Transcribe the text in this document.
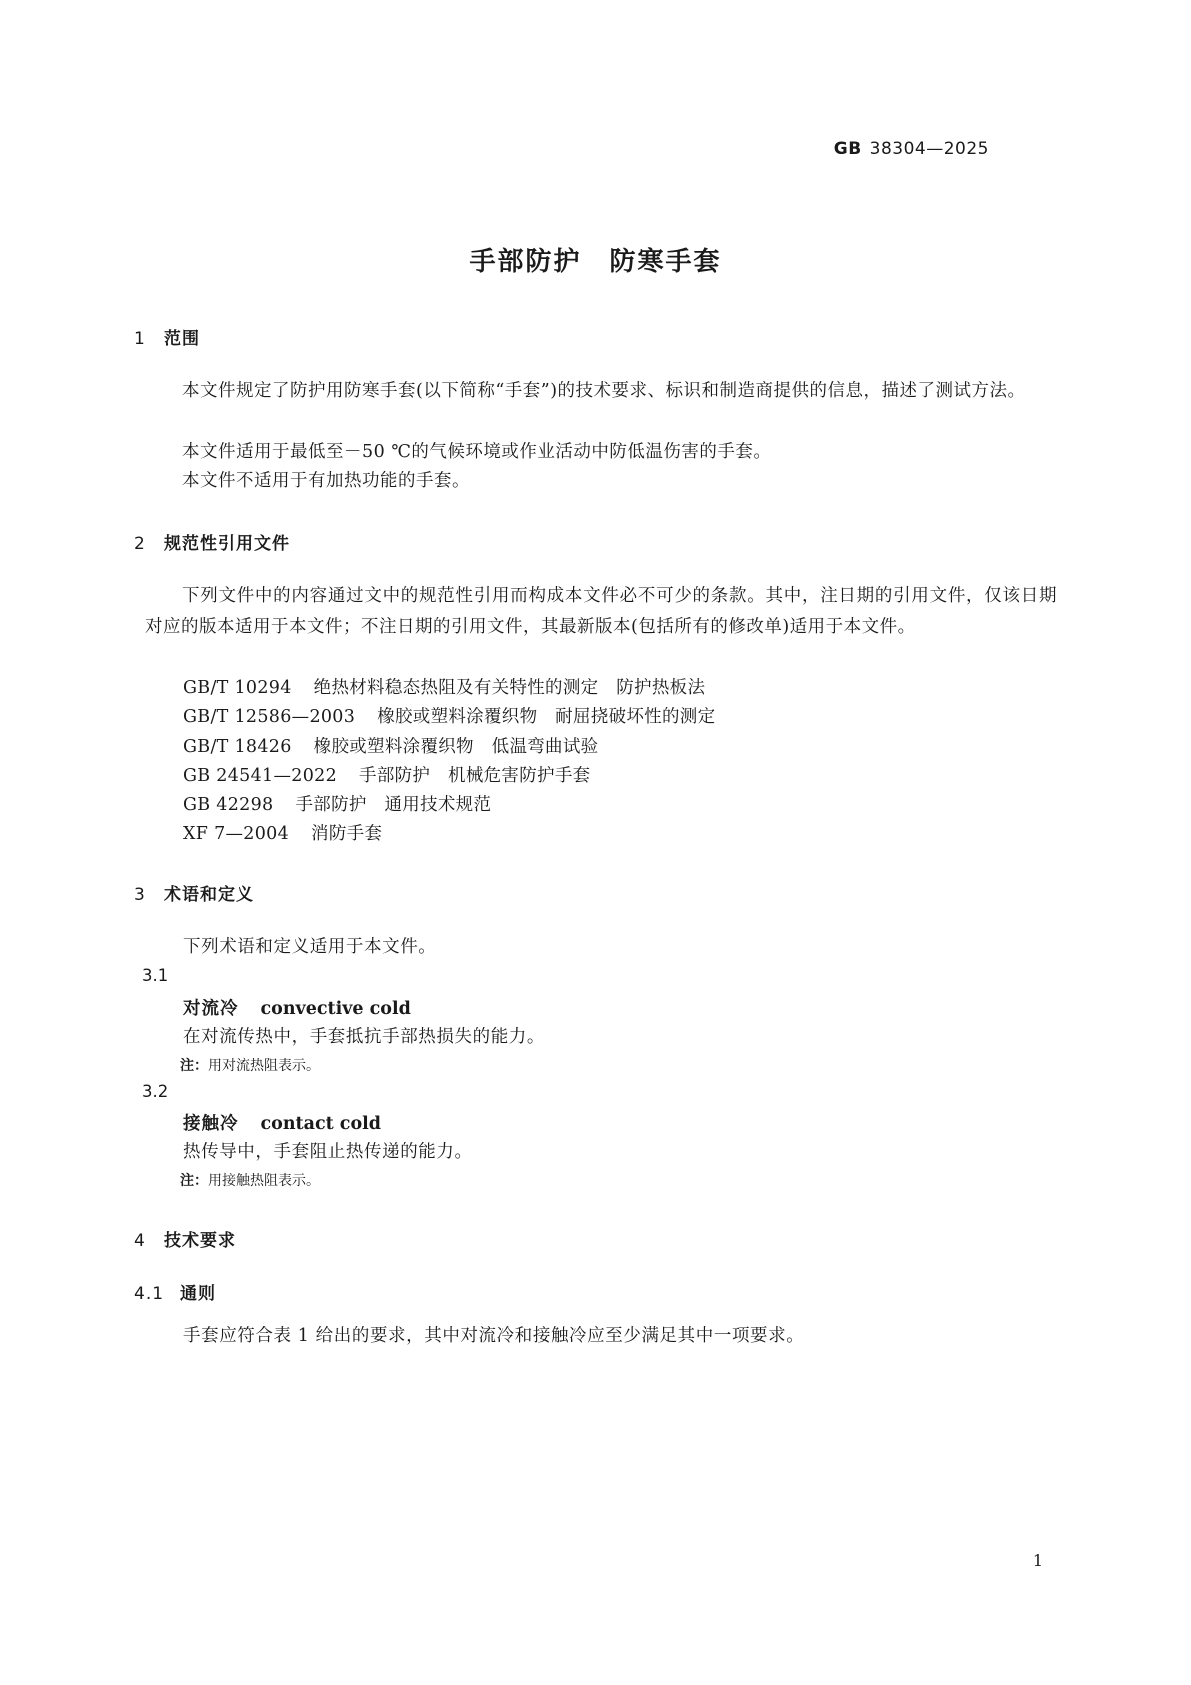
GB 38304—2025
手部防护　防寒手套
1 范围
本文件规定了防护用防寒手套(以下简称“手套”)的技术要求、标识和制造商提供的信息，描述了测试方法。
本文件适用于最低至－50 ℃的气候环境或作业活动中防低温伤害的手套。
本文件不适用于有加热功能的手套。
2 规范性引用文件
下列文件中的内容通过文中的规范性引用而构成本文件必不可少的条款。其中，注日期的引用文件，仅该日期对应的版本适用于本文件；不注日期的引用文件，其最新版本(包括所有的修改单)适用于本文件。
GB/T 10294 绝热材料稳态热阻及有关特性的测定　防护热板法
GB/T 12586—2003 橡胶或塑料涂覆织物　耐屈挠破坏性的测定
GB/T 18426 橡胶或塑料涂覆织物　低温弯曲试验
GB 24541—2022 手部防护　机械危害防护手套
GB 42298 手部防护　通用技术规范
XF 7—2004 消防手套
3 术语和定义
下列术语和定义适用于本文件。
3.1
对流冷 convective cold
在对流传热中，手套抵抗手部热损失的能力。
注：用对流热阻表示。
3.2
接触冷 contact cold
热传导中，手套阻止热传递的能力。
注：用接触热阻表示。
4 技术要求
4.1 通则
手套应符合表 1 给出的要求，其中对流冷和接触冷应至少满足其中一项要求。
1
